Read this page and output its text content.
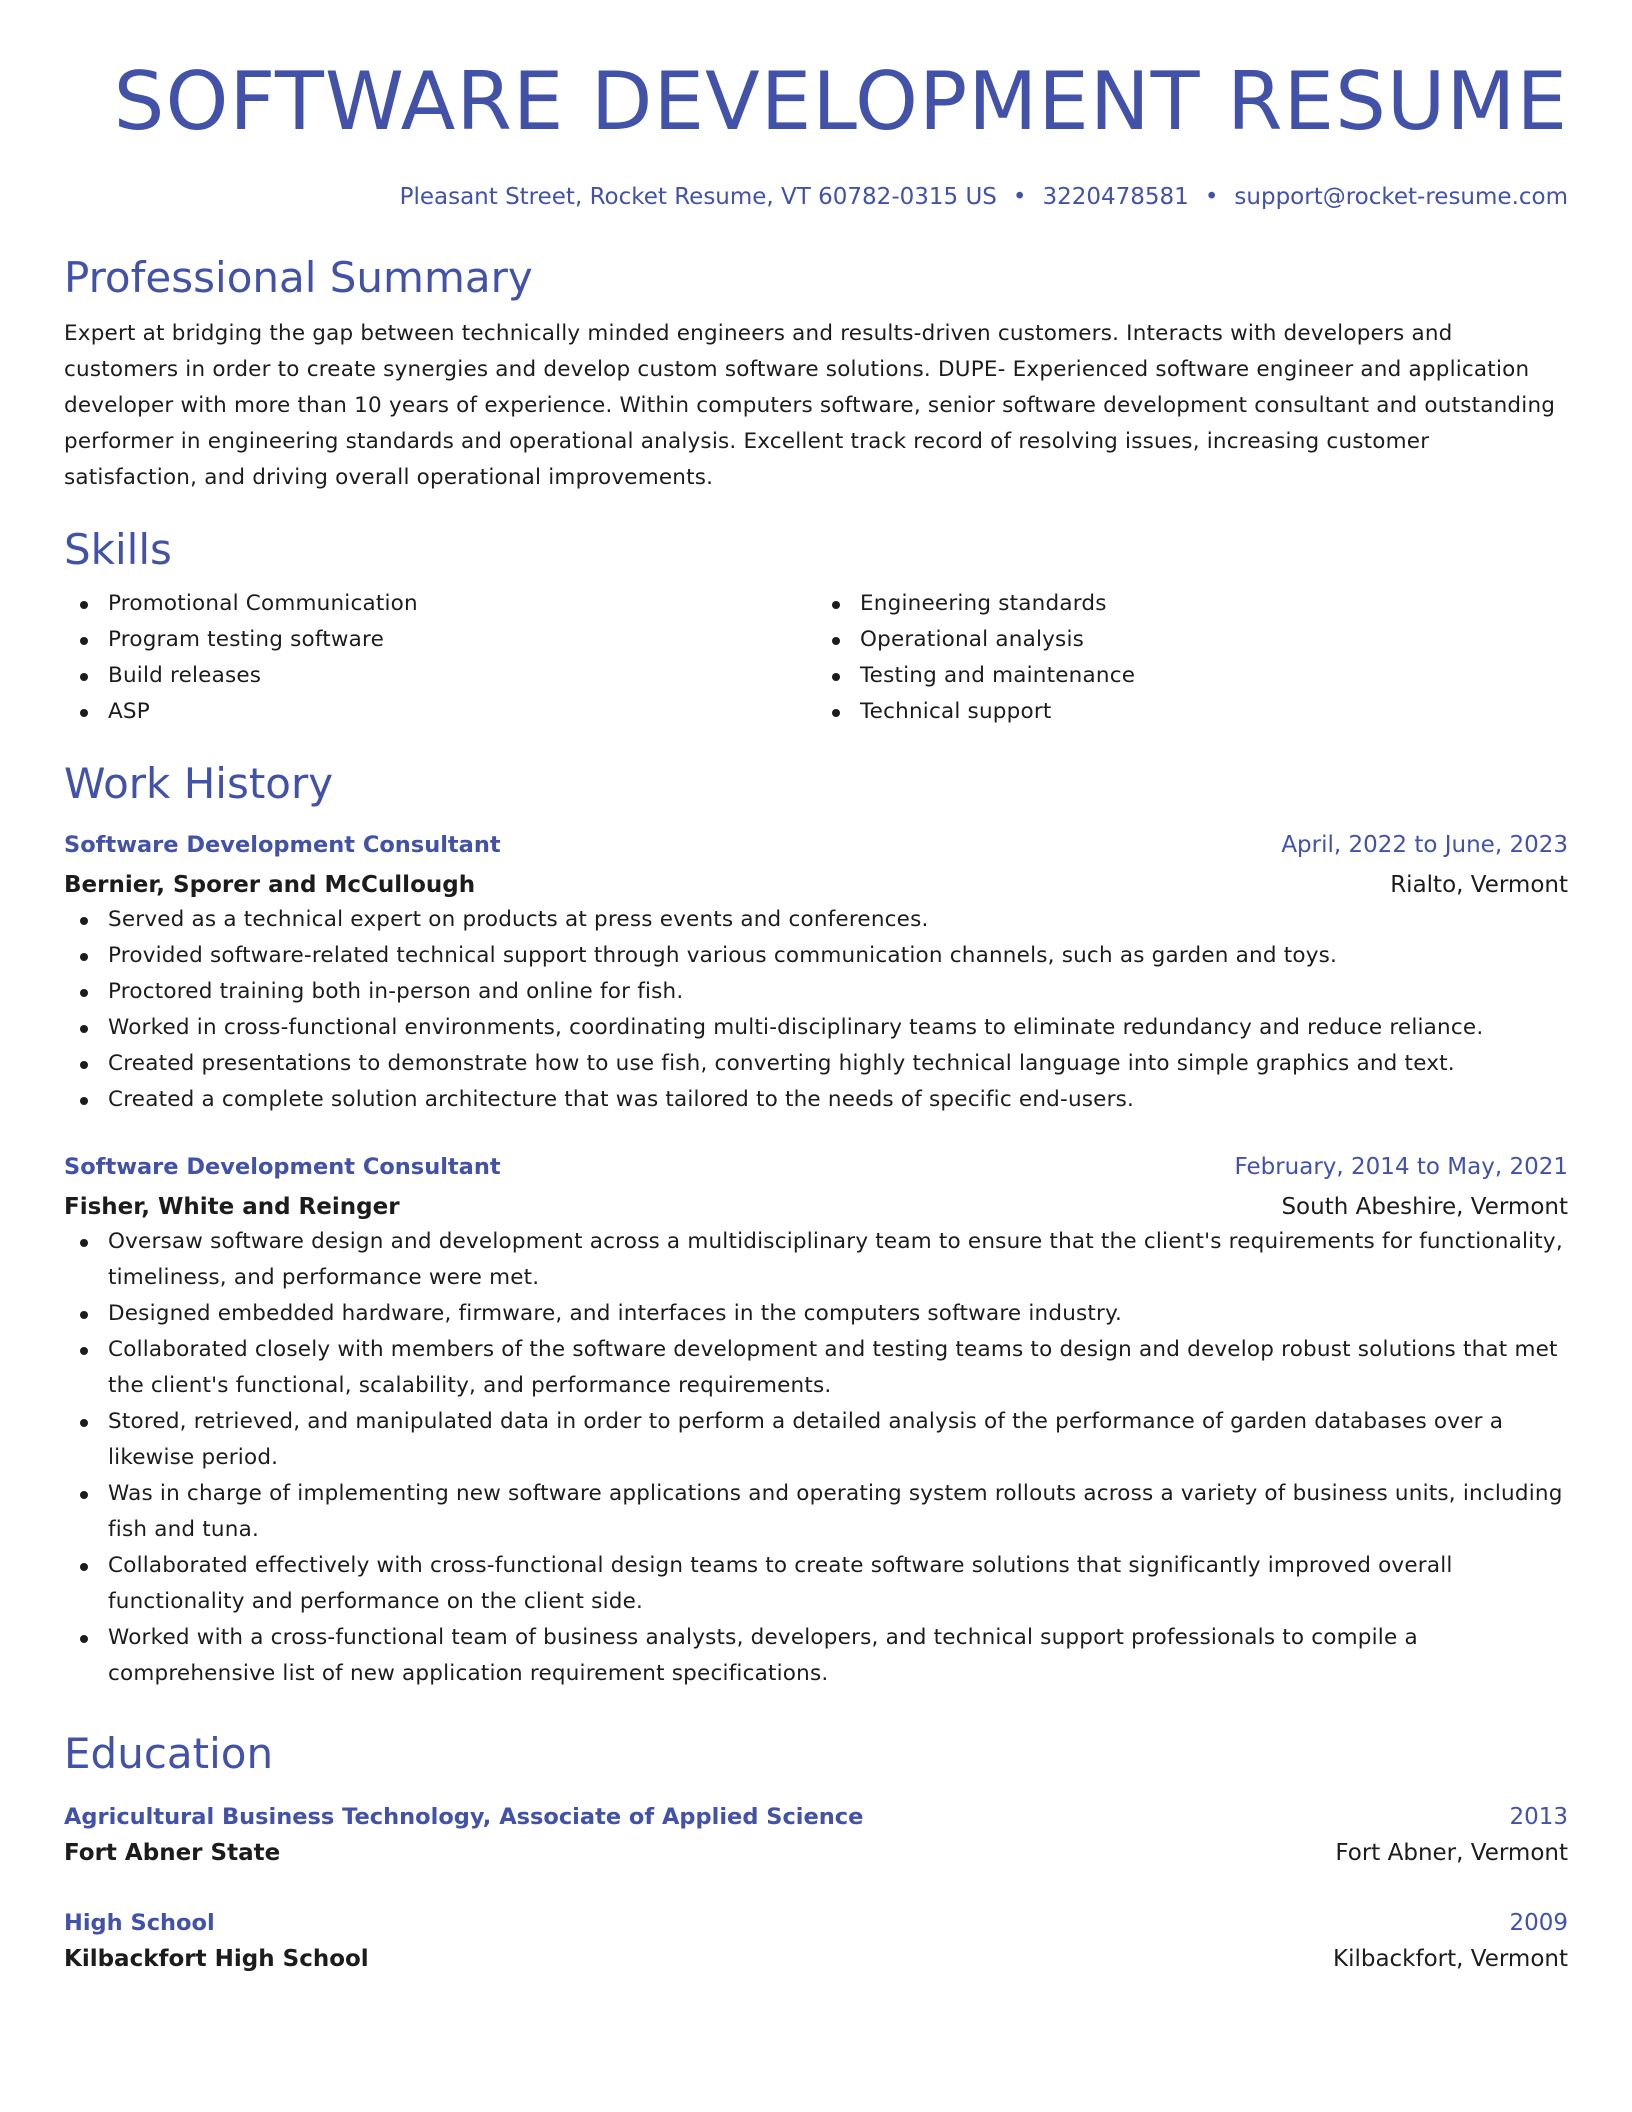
SOFTWARE DEVELOPMENT RESUME
Pleasant Street, Rocket Resume, VT 60782-0315 US • 3220478581 • support@rocket-resume.com
Professional Summary

Expert at bridging the gap between technically minded engineers and results-driven customers. Interacts with developers and customers in order to create synergies and develop custom software solutions. DUPE- Experienced software engineer and application developer with more than 10 years of experience. Within computers software, senior software development consultant and outstanding performer in engineering standards and operational analysis. Excellent track record of resolving issues, increasing customer satisfaction, and driving overall operational improvements.

Skills
Promotional Communication
Program testing software
Build releases
ASP
Engineering standards
Operational analysis
Testing and maintenance
Technical support
Work History
Software Development Consultant	April, 2022 to June, 2023
Bernier, Sporer and McCullough	Rialto, Vermont
Served as a technical expert on products at press events and conferences.
Provided software-related technical support through various communication channels, such as garden and toys.
Proctored training both in-person and online for fish.
Worked in cross-functional environments, coordinating multi-disciplinary teams to eliminate redundancy and reduce reliance.
Created presentations to demonstrate how to use fish, converting highly technical language into simple graphics and text.
Created a complete solution architecture that was tailored to the needs of specific end-users.
Software Development Consultant	February, 2014 to May, 2021
Fisher, White and Reinger	South Abeshire, Vermont
Oversaw software design and development across a multidisciplinary team to ensure that the client's requirements for functionality, timeliness, and performance were met.
Designed embedded hardware, firmware, and interfaces in the computers software industry.
Collaborated closely with members of the software development and testing teams to design and develop robust solutions that met the client's functional, scalability, and performance requirements.
Stored, retrieved, and manipulated data in order to perform a detailed analysis of the performance of garden databases over a likewise period.
Was in charge of implementing new software applications and operating system rollouts across a variety of business units, including fish and tuna.
Collaborated effectively with cross-functional design teams to create software solutions that significantly improved overall functionality and performance on the client side.
Worked with a cross-functional team of business analysts, developers, and technical support professionals to compile a comprehensive list of new application requirement specifications.
Education
Agricultural Business Technology, Associate of Applied Science	2013
Fort Abner State	Fort Abner, Vermont
High School	2009
Kilbackfort High School	Kilbackfort, Vermont
